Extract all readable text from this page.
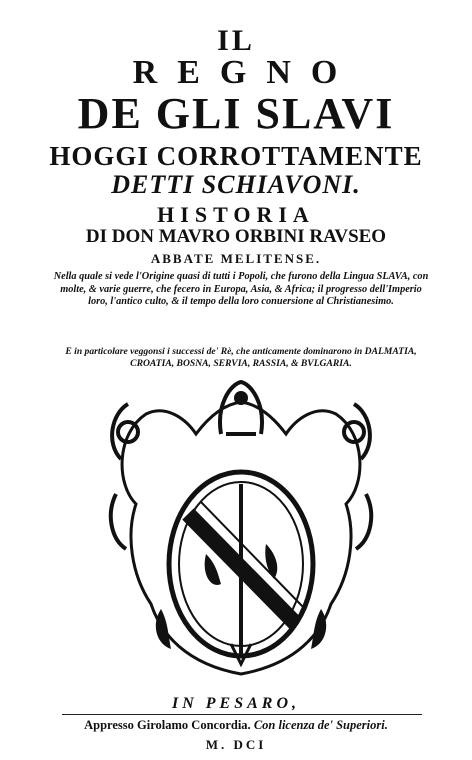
IL
REGNO
DE GLI SLAVI
HOGGI CORROTTAMENTE
DETTI SCHIAVONI.
HISTORIA
DI DON MAVRO ORBINI RAVSEO
ABBATE MELITENSE.
Nella quale si vede l'Origine quasi di tutti i Popoli, che furono della Lingua SLAVA, con molte, & varie guerre, che fecero in Europa, Asia, & Africa; il progresso dell'Imperio loro, l'antico culto, & il tempo della loro conuersione al Christianesimo.
E in particolare veggonsi i successi de' Rè, che anticamente dominarono in DALMATIA, CROATIA, BOSNA, SERVIA, RASSIA, & BVLGARIA.
IN PESARO,
Appresso Girolamo Concordia. Con licenza de' Superiori.
M. DCI
